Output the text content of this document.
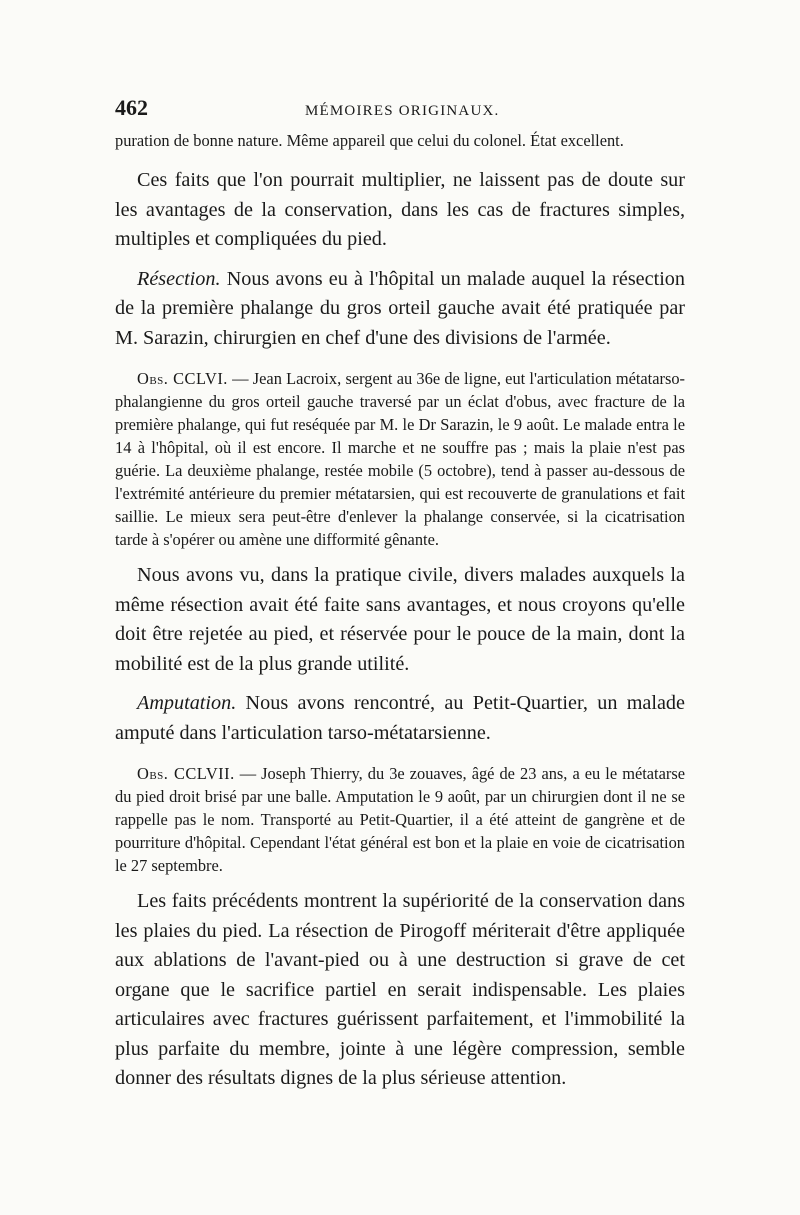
462	MÉMOIRES ORIGINAUX.

puration de bonne nature. Même appareil que celui du colonel. État excellent.

Ces faits que l'on pourrait multiplier, ne laissent pas de doute sur les avantages de la conservation, dans les cas de fractures simples, multiples et compliquées du pied.

Résection. Nous avons eu à l'hôpital un malade auquel la résection de la première phalange du gros orteil gauche avait été pratiquée par M. Sarazin, chirurgien en chef d'une des divisions de l'armée.

Obs. CCLVI. — Jean Lacroix, sergent au 36e de ligne, eut l'articulation métatarso-phalangienne du gros orteil gauche traversé par un éclat d'obus, avec fracture de la première phalange, qui fut reséquée par M. le Dr Sarazin, le 9 août. Le malade entra le 14 à l'hôpital, où il est encore. Il marche et ne souffre pas ; mais la plaie n'est pas guérie. La deuxième phalange, restée mobile (5 octobre), tend à passer au-dessous de l'extrémité antérieure du premier métatarsien, qui est recouverte de granulations et fait saillie. Le mieux sera peut-être d'enlever la phalange conservée, si la cicatrisation tarde à s'opérer ou amène une difformité gênante.

Nous avons vu, dans la pratique civile, divers malades auxquels la même résection avait été faite sans avantages, et nous croyons qu'elle doit être rejetée au pied, et réservée pour le pouce de la main, dont la mobilité est de la plus grande utilité.

Amputation. Nous avons rencontré, au Petit-Quartier, un malade amputé dans l'articulation tarso-métatarsienne.

Obs. CCLVII. — Joseph Thierry, du 3e zouaves, âgé de 23 ans, a eu le métatarse du pied droit brisé par une balle. Amputation le 9 août, par un chirurgien dont il ne se rappelle pas le nom. Transporté au Petit-Quartier, il a été atteint de gangrène et de pourriture d'hôpital. Cependant l'état général est bon et la plaie en voie de cicatrisation le 27 septembre.

Les faits précédents montrent la supériorité de la conservation dans les plaies du pied. La résection de Pirogoff mériterait d'être appliquée aux ablations de l'avant-pied ou à une destruction si grave de cet organe que le sacrifice partiel en serait indispensable. Les plaies articulaires avec fractures guérissent parfaitement, et l'immobilité la plus parfaite du membre, jointe à une légère compression, semble donner des résultats dignes de la plus sérieuse attention.
